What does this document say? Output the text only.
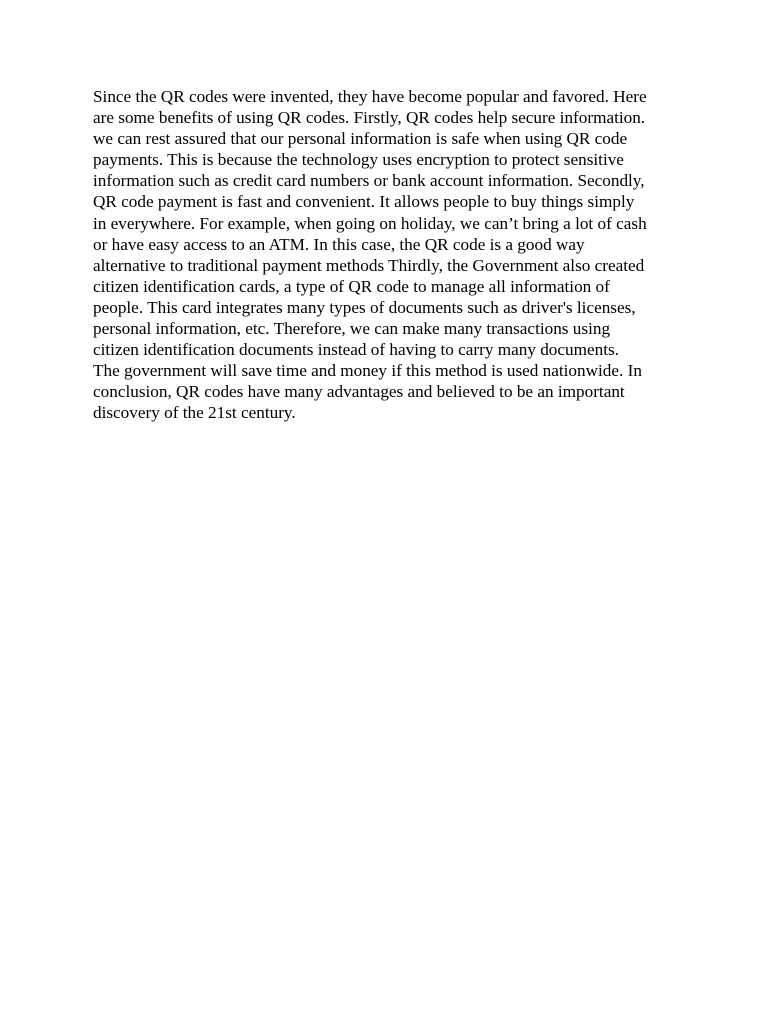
Since the QR codes were invented, they have become popular and favored. Here
are some benefits of using QR codes. Firstly, QR codes help secure information.
we can rest assured that our personal information is safe when using QR code
payments. This is because the technology uses encryption to protect sensitive
information such as credit card numbers or bank account information. Secondly,
QR code payment is fast and convenient. It allows people to buy things simply
in everywhere. For example, when going on holiday, we can’t bring a lot of cash
or have easy access to an ATM. In this case, the QR code is a good way
alternative to traditional payment methods Thirdly, the Government also created
citizen identification cards, a type of QR code to manage all information of
people. This card integrates many types of documents such as driver's licenses,
personal information, etc. Therefore, we can make many transactions using
citizen identification documents instead of having to carry many documents.
The government will save time and money if this method is used nationwide. In
conclusion, QR codes have many advantages and believed to be an important
discovery of the 21st century.
